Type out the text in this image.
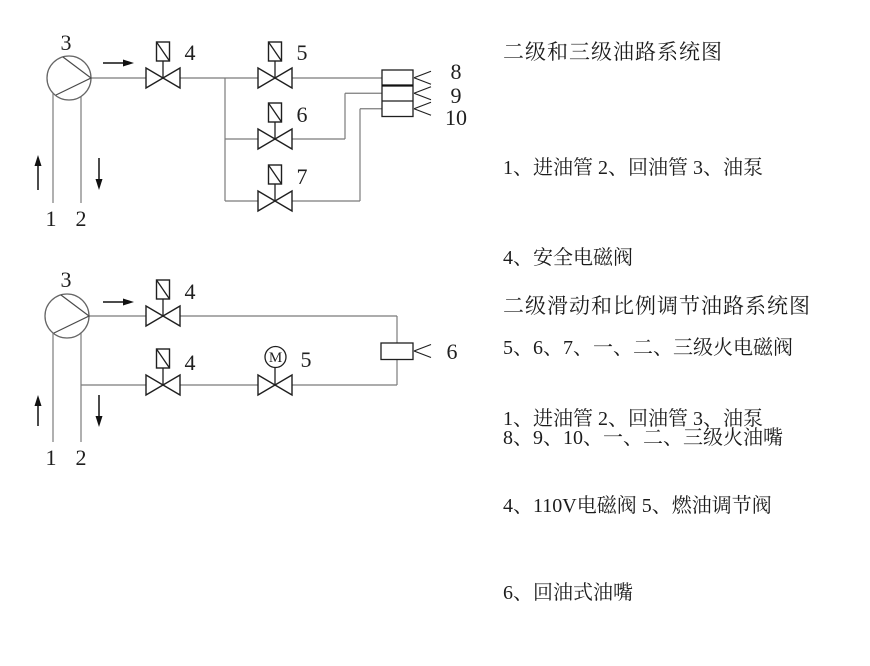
3	4	5
6
7
8
9
10
1 2
二级和三级油路系统图

1、进油管 2、回油管 3、油泵

4、安全电磁阀

5、6、7、一、二、三级火电磁阀

8、9、10、一、二、三级火油嘴

M
3	4
4	5	6
1 2
二级滑动和比例调节油路系统图

1、进油管 2、回油管 3、油泵

4、110V电磁阀 5、燃油调节阀

6、回油式油嘴
